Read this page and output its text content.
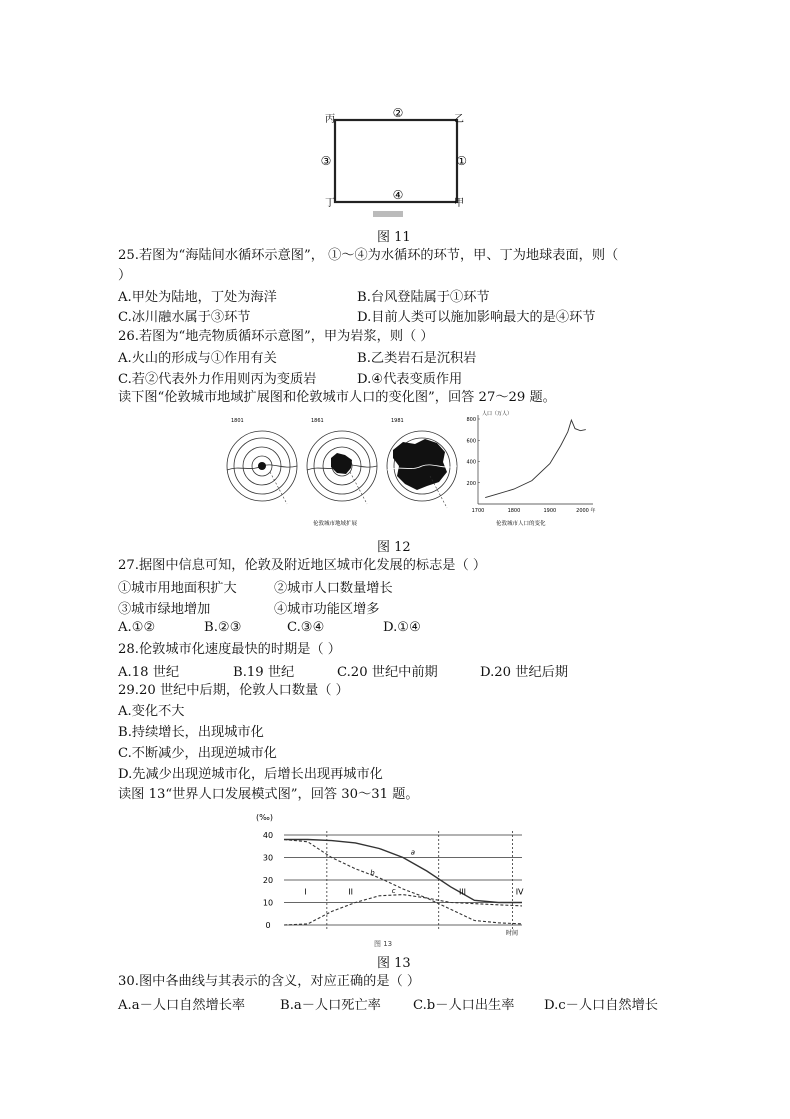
丙	乙
丁	甲
②
③	①
④
图 11
25.若图为“海陆间水循环示意图”， ①～④为水循环的环节，甲、丁为地球表面，则（
）
A.甲处为陆地，丁处为海洋	B.台风登陆属于①环节
C.冰川融水属于③环节	D.目前人类可以施加影响最大的是④环节
26.若图为“地壳物质循环示意图”，甲为岩浆，则（ ）
A.火山的形成与①作用有关	B.乙类岩石是沉积岩
C.若②代表外力作用则丙为变质岩	D.④代表变质作用
读下图“伦敦城市地域扩展图和伦敦城市人口的变化图”，回答 27～29 题。
1801	1861	1981
伦敦城市地域扩展
人口（万人）
800
600
400
200
1700	1800	1900	2000 年
伦敦城市人口的变化
图 12
27.据图中信息可知，伦敦及附近地区城市化发展的标志是（ ）
①城市用地面积扩大	②城市人口数量增长
③城市绿地增加	④城市功能区增多
A.①②	B.②③	C.③④	D.①④
28.伦敦城市化速度最快的时期是（ ）
A.18 世纪	B.19 世纪	C.20 世纪中前期	D.20 世纪后期
29.20 世纪中后期，伦敦人口数量（ ）
A.变化不大
B.持续增长，出现城市化
C.不断减少，出现逆城市化
D.先减少出现逆城市化，后增长出现再城市化
读图 13“世界人口发展模式图”，回答 30～31 题。
(‰)
40
30
20
10
0
a
b
c
I	II	III	IV
时间
图 13
图 13
30.图中各曲线与其表示的含义，对应正确的是（ ）
A.a－人口自然增长率	B.a－人口死亡率 C.b－人口出生率 D.c－人口自然增长
